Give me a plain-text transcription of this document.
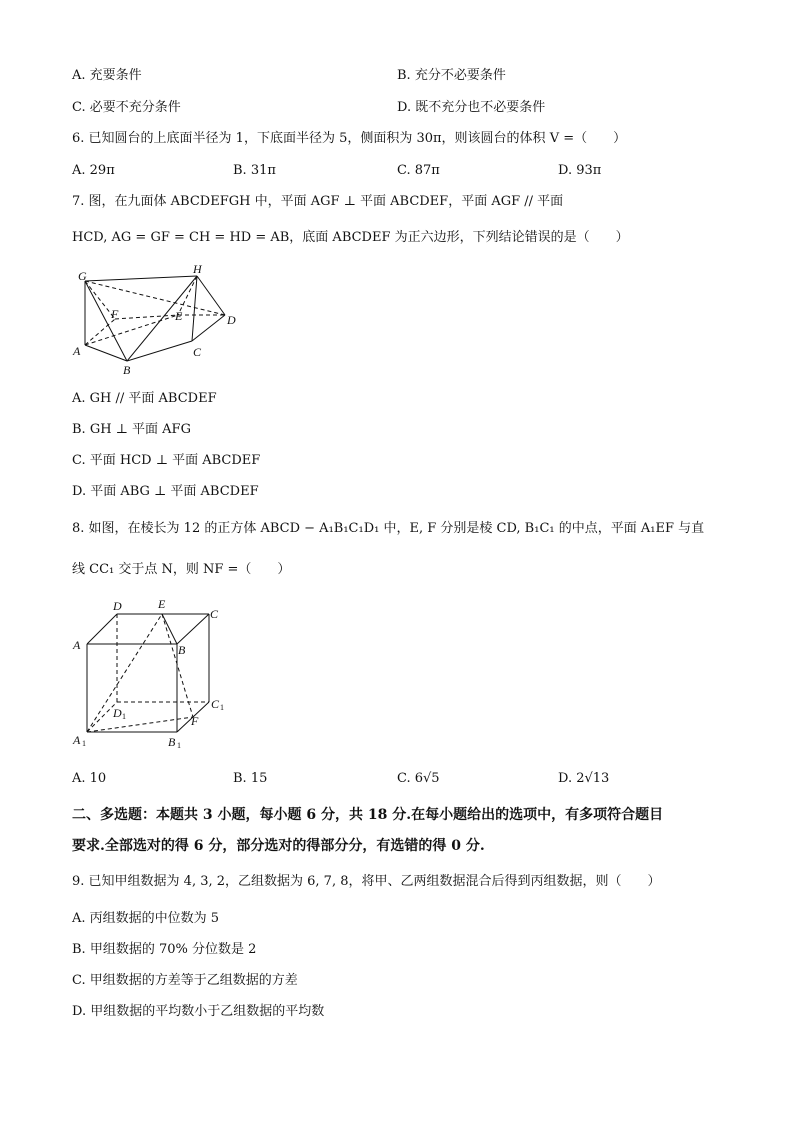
A. 充要条件	B. 充分不必要条件
C. 必要不充分条件	D. 既不充分也不必要条件
6. 已知圆台的上底面半径为 1，下底面半径为 5，侧面积为 30π，则该圆台的体积 V =（　　）
A. 29π	B. 31π	C. 87π	D. 93π
7. 图，在九面体 ABCDEFGH 中，平面 AGF ⊥ 平面 ABCDEF，平面 AGF // 平面
HCD, AG = GF = CH = HD = AB，底面 ABCDEF 为正六边形，下列结论错误的是（　　）
G	H
F	E	D
A
B
C
A. GH // 平面 ABCDEF
B. GH ⊥ 平面 AFG
C. 平面 HCD ⊥ 平面 ABCDEF
D. 平面 ABG ⊥ 平面 ABCDEF
8. 如图，在棱长为 12 的正方体 ABCD − A₁B₁C₁D₁ 中，E, F 分别是棱 CD, B₁C₁ 的中点，平面 A₁EF 与直
线 CC₁ 交于点 N，则 NF =（　　）
D	E
C
A	B
C 1
D 1	F
A 1	B 1
A. 10	B. 15	C. 6√5	D. 2√13
二、多选题：本题共 3 小题，每小题 6 分，共 18 分.在每小题给出的选项中，有多项符合题目
要求.全部选对的得 6 分，部分选对的得部分分，有选错的得 0 分.
9. 已知甲组数据为 4, 3, 2，乙组数据为 6, 7, 8，将甲、乙两组数据混合后得到丙组数据，则（　　）
A. 丙组数据的中位数为 5
B. 甲组数据的 70% 分位数是 2
C. 甲组数据的方差等于乙组数据的方差
D. 甲组数据的平均数小于乙组数据的平均数
